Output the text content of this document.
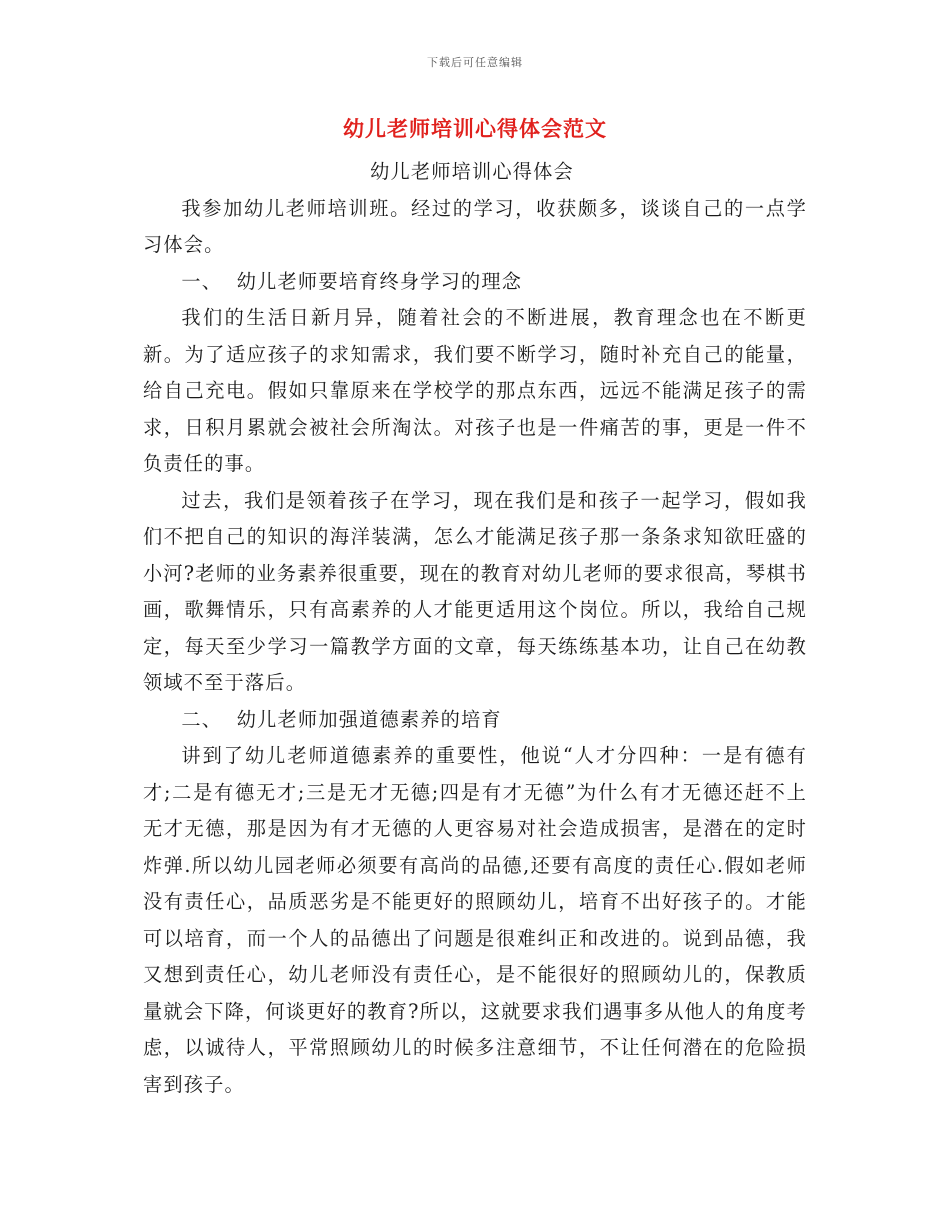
下载后可任意编辑
幼儿老师培训心得体会范文

幼儿老师培训心得体会

我参加幼儿老师培训班。经过的学习，收获颇多，谈谈自己的一点学习体会。

一、  幼儿老师要培育终身学习的理念

我们的生活日新月异，随着社会的不断进展，教育理念也在不断更新。为了适应孩子的求知需求，我们要不断学习，随时补充自己的能量，给自己充电。假如只靠原来在学校学的那点东西，远远不能满足孩子的需求，日积月累就会被社会所淘汰。对孩子也是一件痛苦的事，更是一件不负责任的事。

过去，我们是领着孩子在学习，现在我们是和孩子一起学习，假如我们不把自己的知识的海洋装满，怎么才能满足孩子那一条条求知欲旺盛的小河?老师的业务素养很重要，现在的教育对幼儿老师的要求很高，琴棋书画，歌舞情乐，只有高素养的人才能更适用这个岗位。所以，我给自己规定，每天至少学习一篇教学方面的文章，每天练练基本功，让自己在幼教领域不至于落后。

二、  幼儿老师加强道德素养的培育

讲到了幼儿老师道德素养的重要性，他说“人才分四种：一是有德有才;二是有德无才;三是无才无德;四是有才无德”为什么有才无德还赶不上无才无德，那是因为有才无德的人更容易对社会造成损害，是潜在的定时炸弹.所以幼儿园老师必须要有高尚的品德,还要有高度的责任心.假如老师没有责任心，品质恶劣是不能更好的照顾幼儿，培育不出好孩子的。才能可以培育，而一个人的品德出了问题是很难纠正和改进的。说到品德，我又想到责任心，幼儿老师没有责任心，是不能很好的照顾幼儿的，保教质量就会下降，何谈更好的教育?所以，这就要求我们遇事多从他人的角度考虑，以诚待人，平常照顾幼儿的时候多注意细节，不让任何潜在的危险损害到孩子。
